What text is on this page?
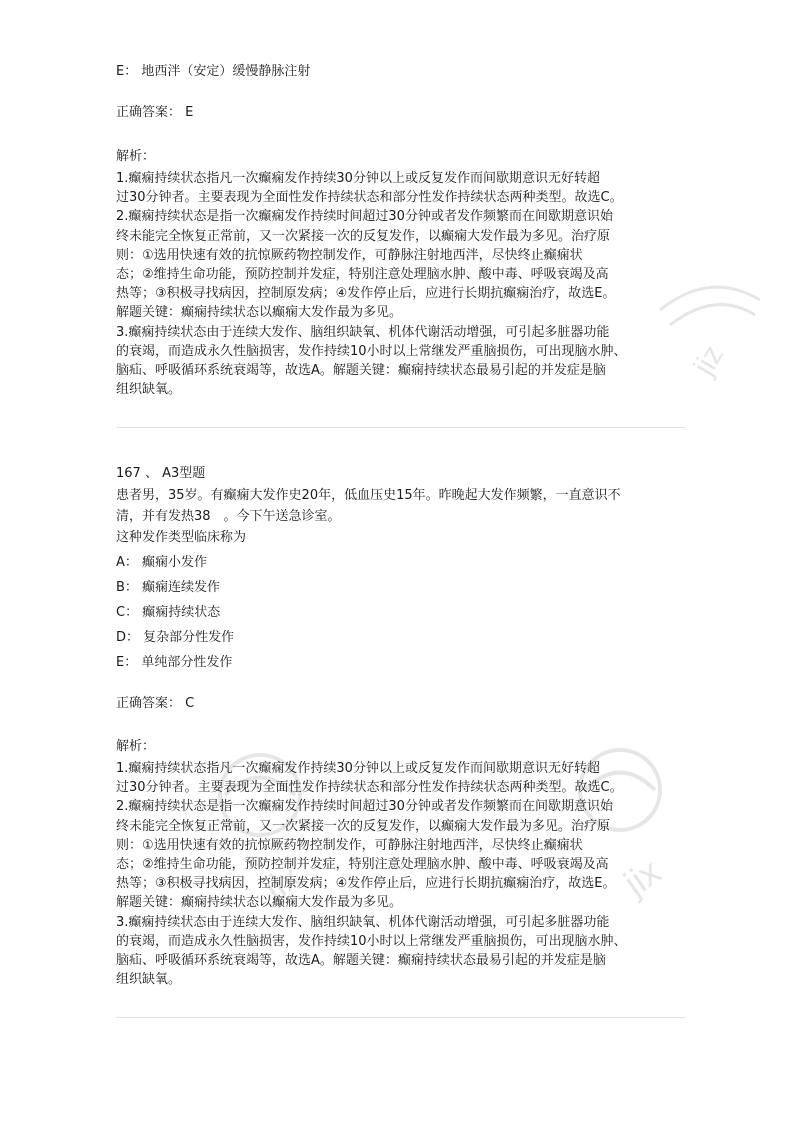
jiz
jix	jix
E： 地西泮（安定）缓慢静脉注射
正确答案： E
解析：
1.癫痫持续状态指凡一次癫痫发作持续30分钟以上或反复发作而间歇期意识无好转超
过30分钟者。主要表现为全面性发作持续状态和部分性发作持续状态两种类型。故选C。
2.癫痫持续状态是指一次癫痫发作持续时间超过30分钟或者发作频繁而在间歇期意识始
终未能完全恢复正常前，又一次紧接一次的反复发作，以癫痫大发作最为多见。治疗原
则：①选用快速有效的抗惊厥药物控制发作，可静脉注射地西泮，尽快终止癫痫状
态；②维持生命功能，预防控制并发症，特别注意处理脑水肿、酸中毒、呼吸衰竭及高
热等；③积极寻找病因，控制原发病；④发作停止后，应进行长期抗癫痫治疗，故选E。
解题关键：癫痫持续状态以癫痫大发作最为多见。
3.癫痫持续状态由于连续大发作、脑组织缺氧、机体代谢活动增强，可引起多脏器功能
的衰竭，而造成永久性脑损害，发作持续10小时以上常继发严重脑损伤，可出现脑水肿、
脑疝、呼吸循环系统衰竭等，故选A。解题关键：癫痫持续状态最易引起的并发症是脑
组织缺氧。
167 、 A3型题
患者男，35岁。有癫痫大发作史20年，低血压史15年。昨晚起大发作频繁，一直意识不
清，并有发热38　。今下午送急诊室。
这种发作类型临床称为
A： 癫痫小发作
B： 癫痫连续发作
C： 癫痫持续状态
D： 复杂部分性发作
E： 单纯部分性发作
正确答案： C
解析：
1.癫痫持续状态指凡一次癫痫发作持续30分钟以上或反复发作而间歇期意识无好转超
过30分钟者。主要表现为全面性发作持续状态和部分性发作持续状态两种类型。故选C。
2.癫痫持续状态是指一次癫痫发作持续时间超过30分钟或者发作频繁而在间歇期意识始
终未能完全恢复正常前，又一次紧接一次的反复发作，以癫痫大发作最为多见。治疗原
则：①选用快速有效的抗惊厥药物控制发作，可静脉注射地西泮，尽快终止癫痫状
态；②维持生命功能，预防控制并发症，特别注意处理脑水肿、酸中毒、呼吸衰竭及高
热等；③积极寻找病因，控制原发病；④发作停止后，应进行长期抗癫痫治疗，故选E。
解题关键：癫痫持续状态以癫痫大发作最为多见。
3.癫痫持续状态由于连续大发作、脑组织缺氧、机体代谢活动增强，可引起多脏器功能
的衰竭，而造成永久性脑损害，发作持续10小时以上常继发严重脑损伤，可出现脑水肿、
脑疝、呼吸循环系统衰竭等，故选A。解题关键：癫痫持续状态最易引起的并发症是脑
组织缺氧。
